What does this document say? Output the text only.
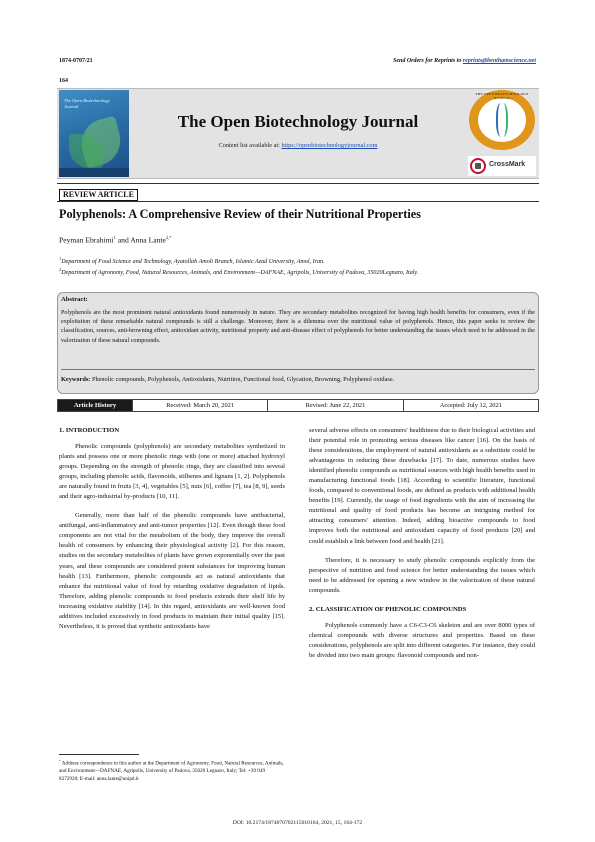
1874-0707/21
164
Send Orders for Reprints to reprints@benthamscience.net
The Open Biotechnology Journal
The Open Biotechnology Journal
Content list available at: https://openbiotechnologyjournal.com
THE OPEN BIOTECHNOLOGY JOURNAL
CrossMark
REVIEW ARTICLE
Polyphenols: A Comprehensive Review of their Nutritional Properties
Peyman Ebrahimi$^1$ and Anna Lante$^{2,*}$
$^1$Department of Food Science and Technology, Ayatollah Amoli Branch, Islamic Azad University, Amol, Iran.
$^2$Department of Agronomy, Food, Natural Resources, Animals, and Environment—DAFNAE, Agripolis, University of Padova, 35020Legnaro, Italy.
Abstract:
Polyphenols are the most prominent natural antioxidants found numerously in nature. They are secondary metabolites recognized for having high health benefits for consumers, even if the exploitation of these remarkable natural compounds is still a challenge. Moreover, there is a dilemma over the nutritional value of polyphenols. Hence, this paper seeks to review the classification, sources, anti-browning effect, antioxidant activity, nutritional property and anti-disease effect of polyphenols for better understanding the issues which need to be addressed in the valorization of these natural compounds.
Keywords: Phenolic compounds, Polyphenols, Antioxidants, Nutrition, Functional food, Glycation, Browning, Polyphenol oxidase.
Article History	Received: March 20, 2021	Revised: June 22, 2021	Accepted: July 12, 2021
1. INTRODUCTION

Phenolic compounds (polyphenols) are secondary metabolites synthetized in plants and possess one or more phenolic rings with (one or more) attached hydroxyl groups. Depending on the strength of phenolic rings, they are classified into several groups, including phenolic acids, flavonoids, stilbenes and lignans [1, 2]. Polyphenols are naturally found in fruits [3, 4], vegetables [5], nuts [6], coffee [7], tea [8, 9], seeds and their agro-industrial by-products [10, 11].

Generally, more than half of the phenolic compounds have antibacterial, antifungal, anti-inflammatory and anti-tumor properties [12]. Even though these food components are not vital for the metabolism of the body, they improve the overall health of consumers by enhancing their physiological activity [2]. For this reason, studies on the secondary metabolites of plants have grown exponentially over the past years, and these compounds are considered potent substances for improving human health [13]. Furthermore, phenolic compounds act as natural antioxidants that enhance the nutritional value of food by retarding oxidative degradation of lipids. Therefore, adding phenolic compounds to food products extends their shelf life by increasing oxidative stability [14]. In this regard, antioxidants are well-known food additives included excessively in food products to maintain their initial quality [15]. Nevertheless, it is proved that synthetic antioxidants have

several adverse effects on consumers' healthiness due to their biological activities and their potential role in promoting serious diseases like cancer [16]. On the basis of these considerations, the employment of natural antioxidants as a substitute could be advantageous in reducing these drawbacks [17]. To date, numerous studies have identified phenolic compounds as nutritional sources with high health benefits used in manufacturing functional foods [18]. According to scientific literature, functional foods, compared to conventional foods, are defined as products with additional health benefits [19]. Currently, the usage of food ingredients with the aim of increasing the nutritional and quality of food products has become an intriguing method for attracting consumers' attention. Indeed, adding bioactive compounds to food improves both the nutritional and antioxidant capacity of food products [20] and could establish a link between food and health [21].

Therefore, it is necessary to study phenolic compounds explicitly from the perspective of nutrition and food science for better understanding the issues which need to be addressed for opening a new window in the valorization of these natural compounds.

2. CLASSIFICATION OF PHENOLIC COMPOUNDS

Polyphenols commonly have a C6-C3-C6 skeleton and are over 8000 types of chemical compounds with diverse structures and properties. Based on these considerations, polyphenols are split into different categories. For instance, they could be divided into two main groups: flavonoid compounds and non-

* Address correspondence to this author at the Department of Agronomy, Food, Natural Resources, Animals, and Environment—DAFNAE, Agripolis, University of Padova, 35020 Legnaro, Italy; Tel: +39 049 8272920; E-mail: anna.lante@unipd.it
DOI: 10.2174/1874070702115010164, 2021, 15, 164-172
